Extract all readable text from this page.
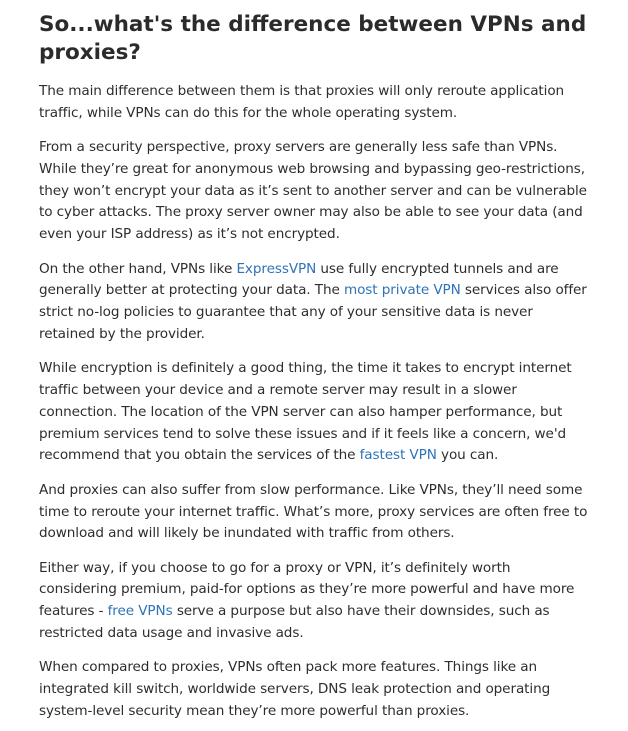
So...what's the difference between VPNs and proxies?

The main difference between them is that proxies will only reroute application traffic, while VPNs can do this for the whole operating system.

From a security perspective, proxy servers are generally less safe than VPNs. While they’re great for anonymous web browsing and bypassing geo-restrictions, they won’t encrypt your data as it’s sent to another server and can be vulnerable to cyber attacks. The proxy server owner may also be able to see your data (and even your ISP address) as it’s not encrypted.

On the other hand, VPNs like ExpressVPN use fully encrypted tunnels and are generally better at protecting your data. The most private VPN services also offer strict no-log policies to guarantee that any of your sensitive data is never retained by the provider.

While encryption is definitely a good thing, the time it takes to encrypt internet traffic between your device and a remote server may result in a slower connection. The location of the VPN server can also hamper performance, but premium services tend to solve these issues and if it feels like a concern, we'd recommend that you obtain the services of the fastest VPN you can.

And proxies can also suffer from slow performance. Like VPNs, they’ll need some time to reroute your internet traffic. What’s more, proxy services are often free to download and will likely be inundated with traffic from others.

Either way, if you choose to go for a proxy or VPN, it’s definitely worth considering premium, paid-for options as they’re more powerful and have more features - free VPNs serve a purpose but also have their downsides, such as restricted data usage and invasive ads.

When compared to proxies, VPNs often pack more features. Things like an integrated kill switch, worldwide servers, DNS leak protection and operating system-level security mean they’re more powerful than proxies.
